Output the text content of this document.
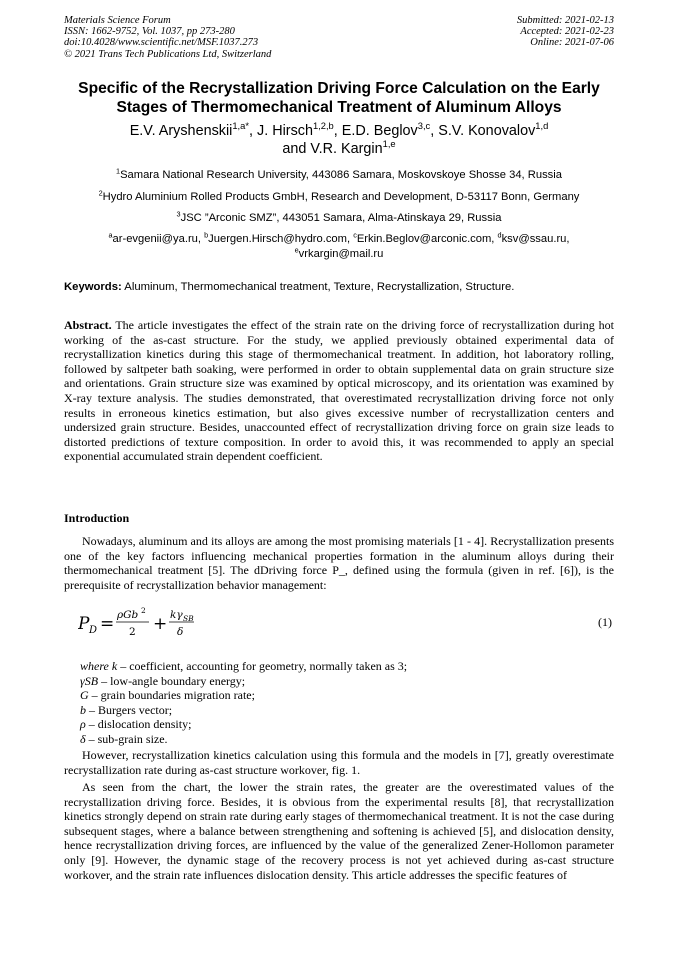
Materials Science Forum
ISSN: 1662-9752, Vol. 1037, pp 273-280
doi:10.4028/www.scientific.net/MSF.1037.273
© 2021 Trans Tech Publications Ltd, Switzerland
Submitted: 2021-02-13
Accepted: 2021-02-23
Online: 2021-07-06
Specific of the Recrystallization Driving Force Calculation on the Early
Stages of Thermomechanical Treatment of Aluminum Alloys
E.V. Aryshenskii$^{1,a*}$, J. Hirsch$^{1,2,b}$, E.D. Beglov$^{3,c}$, S.V. Konovalov$^{1,d}$
and V.R. Kargin$^{1,e}$
$^1$Samara National Research University, 443086 Samara, Moskovskoye Shosse 34, Russia
$^2$Hydro Aluminium Rolled Products GmbH, Research and Development, D-53117 Bonn, Germany
$^3$JSC ”Arconic SMZ”, 443051 Samara, Alma-Atinskaya 29, Russia
$^a$ar-evgenii@ya.ru, $^b$Juergen.Hirsch@hydro.com, $^c$Erkin.Beglov@arconic.com, $^d$ksv@ssau.ru,
$^e$vrkargin@mail.ru
Keywords: Aluminum, Thermomechanical treatment, Texture, Recrystallization, Structure.
Abstract. The article investigates the effect of the strain rate on the driving force of recrystallization during hot working of the as-cast structure. For the study, we applied previously obtained experimental data of recrystallization kinetics during this stage of thermomechanical treatment. In addition, hot laboratory rolling, followed by saltpeter bath soaking, were performed in order to obtain supplemental data on grain structure size and orientations. Grain structure size was examined by optical microscopy, and its orientation was examined by X-ray texture analysis. The studies demonstrated, that overestimated recrystallization driving force not only results in erroneous kinetics estimation, but also gives excessive number of recrystallization centers and undersized grain structure. Besides, unaccounted effect of recrystallization driving force on grain size leads to distorted predictions of texture composition. In order to avoid this, it was recommended to apply an special exponential accumulated strain dependent coefficient.
Introduction
Nowadays, aluminum and its alloys are among the most promising materials [1 - 4]. Recrystallization presents one of the key factors influencing mechanical properties formation in the aluminum alloys during their thermomechanical treatment [5]. The dDriving force P_, defined using the formula (given in ref. [6]), is the prerequisite of recrystallization behavior management:
P D = ρGb 2
2 + kγ SB
δ
(1)
where k – coefficient, accounting for geometry, normally taken as 3;
γSB – low-angle boundary energy;
G – grain boundaries migration rate;
b – Burgers vector;
ρ – dislocation density;
δ – sub-grain size.
However, recrystallization kinetics calculation using this formula and the models in [7], greatly overestimate recrystallization rate during as-cast structure workover, fig. 1.
As seen from the chart, the lower the strain rates, the greater are the overestimated values of the recrystallization driving force. Besides, it is obvious from the experimental results [8], that recrystallization kinetics strongly depend on strain rate during early stages of thermomechanical treatment. It is not the case during subsequent stages, where a balance between strengthening and softening is achieved [5], and dislocation density, hence recrystallization driving forces, are influenced by the value of the generalized Zener-Hollomon parameter only [9]. However, the dynamic stage of the recovery process is not yet achieved during as-cast structure workover, and the strain rate influences dislocation density. This article addresses the specific features of
